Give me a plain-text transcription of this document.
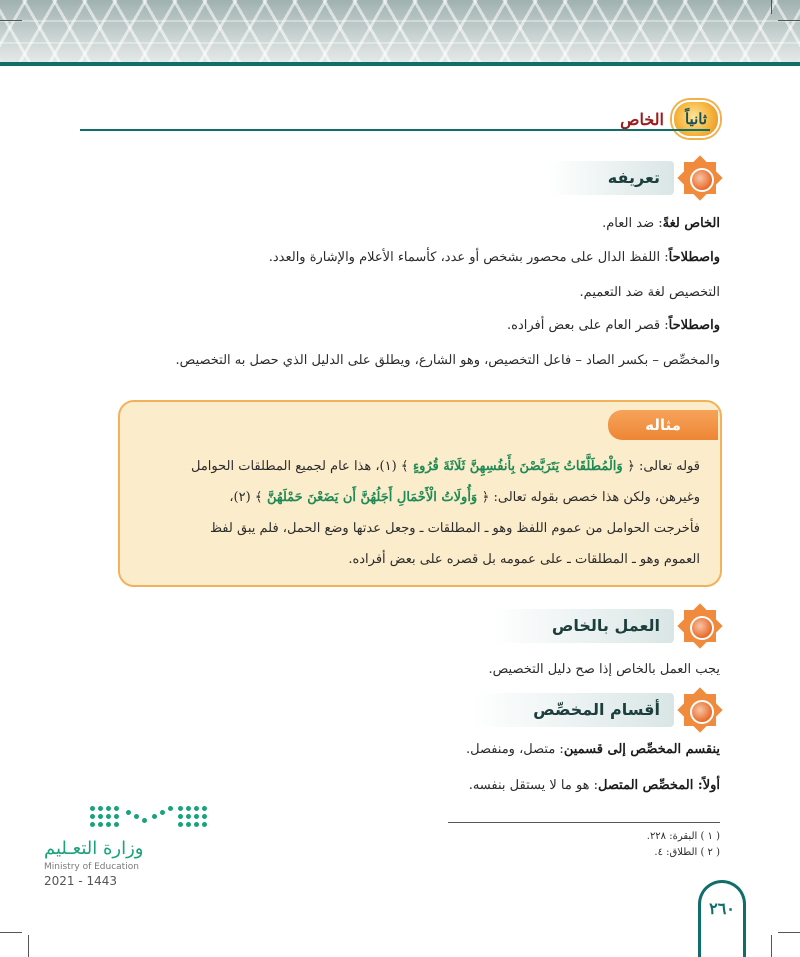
ثانياً
الخاص
تعريفه
الخاص لغةً: ضد العام.
واصطلاحاً: اللفظ الدال على محصور بشخص أو عدد، كأسماء الأعلام والإشارة والعدد.
التخصيص لغة ضد التعميم.
واصطلاحاً: قصر العام على بعض أفراده.
والمخصِّص – بكسر الصاد – فاعل التخصيص، وهو الشارع، ويطلق على الدليل الذي حصل به التخصيص.
مثاله
قوله تعالى: ﴿ وَالْمُطَلَّقَاتُ يَتَرَبَّصْنَ بِأَنفُسِهِنَّ ثَلَاثَةَ قُرُوءٍ ﴾ (١)، هذا عام لجميع المطلقات الحوامل
وغيرهن، ولكن هذا خصص بقوله تعالى: ﴿ وَأُولَاتُ الْأَحْمَالِ أَجَلُهُنَّ أَن يَضَعْنَ حَمْلَهُنَّ ﴾ (٢)،
فأخرجت الحوامل من عموم اللفظ وهو ـ المطلقات ـ وجعل عدتها وضع الحمل، فلم يبق لفظ
العموم وهو ـ المطلقات ـ على عمومه بل قصره على بعض أفراده.
العمل بالخاص
يجب العمل بالخاص إذا صح دليل التخصيص.
أقسام المخصِّص
ينقسم المخصِّص إلى قسمين: متصل، ومنفصل.
أولاً: المخصِّص المتصل: هو ما لا يستقل بنفسه.
( ١ ) البقرة: ٢٢٨.
( ٢ ) الطلاق: ٤.
وزارة التعـليم
Ministry of Education
2021 - 1443
٢٦٠
